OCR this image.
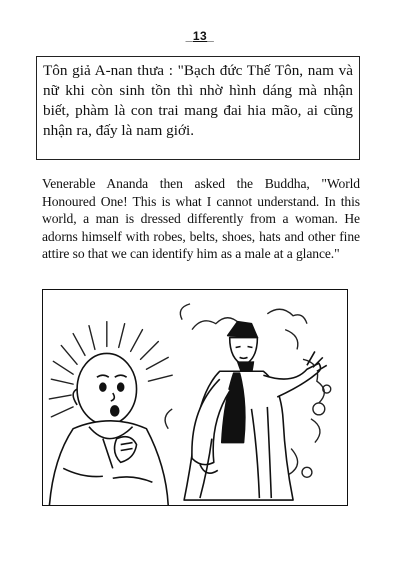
_13_
Tôn giả A-nan thưa : "Bạch đức Thế Tôn, nam và nữ khi còn sinh tồn thì nhờ hình dáng mà nhận biết, phàm là con trai mang đai hia mão, ai cũng nhận ra, đấy là nam giới.
Venerable Ananda then asked the Buddha, "World Honoured One! This is what I cannot understand. In this world, a man is dressed differently from a woman. He adorns himself with robes, belts, shoes, hats and other fine attire so that we can identify him as a male at a glance."
